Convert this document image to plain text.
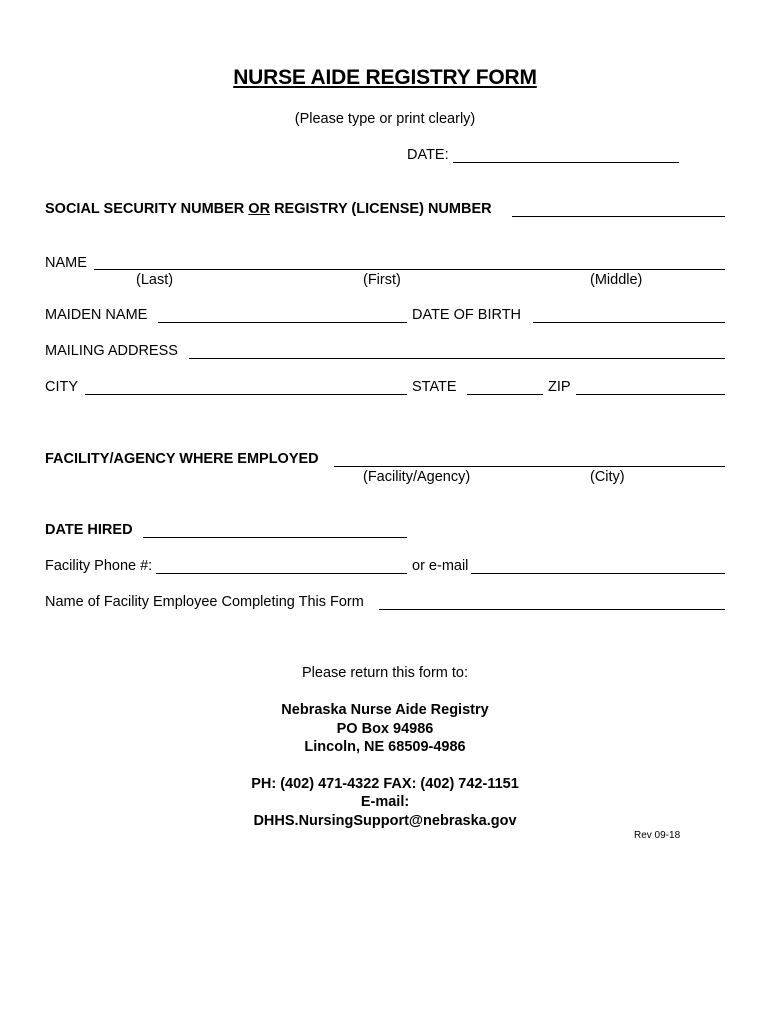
NURSE AIDE REGISTRY FORM
(Please type or print clearly)
DATE:
SOCIAL SECURITY NUMBER OR REGISTRY (LICENSE) NUMBER
NAME
(Last)	(First)	(Middle)
MAIDEN NAME	DATE OF BIRTH
MAILING ADDRESS
CITY	STATE	ZIP
FACILITY/AGENCY WHERE EMPLOYED
(Facility/Agency)	(City)
DATE HIRED
Facility Phone #:	or e-mail
Name of Facility Employee Completing This Form
Please return this form to:
Nebraska Nurse Aide Registry
PO Box 94986
Lincoln, NE 68509-4986
PH: (402) 471-4322 FAX: (402) 742-1151
E-mail:
DHHS.NursingSupport@nebraska.gov
Rev 09-18
